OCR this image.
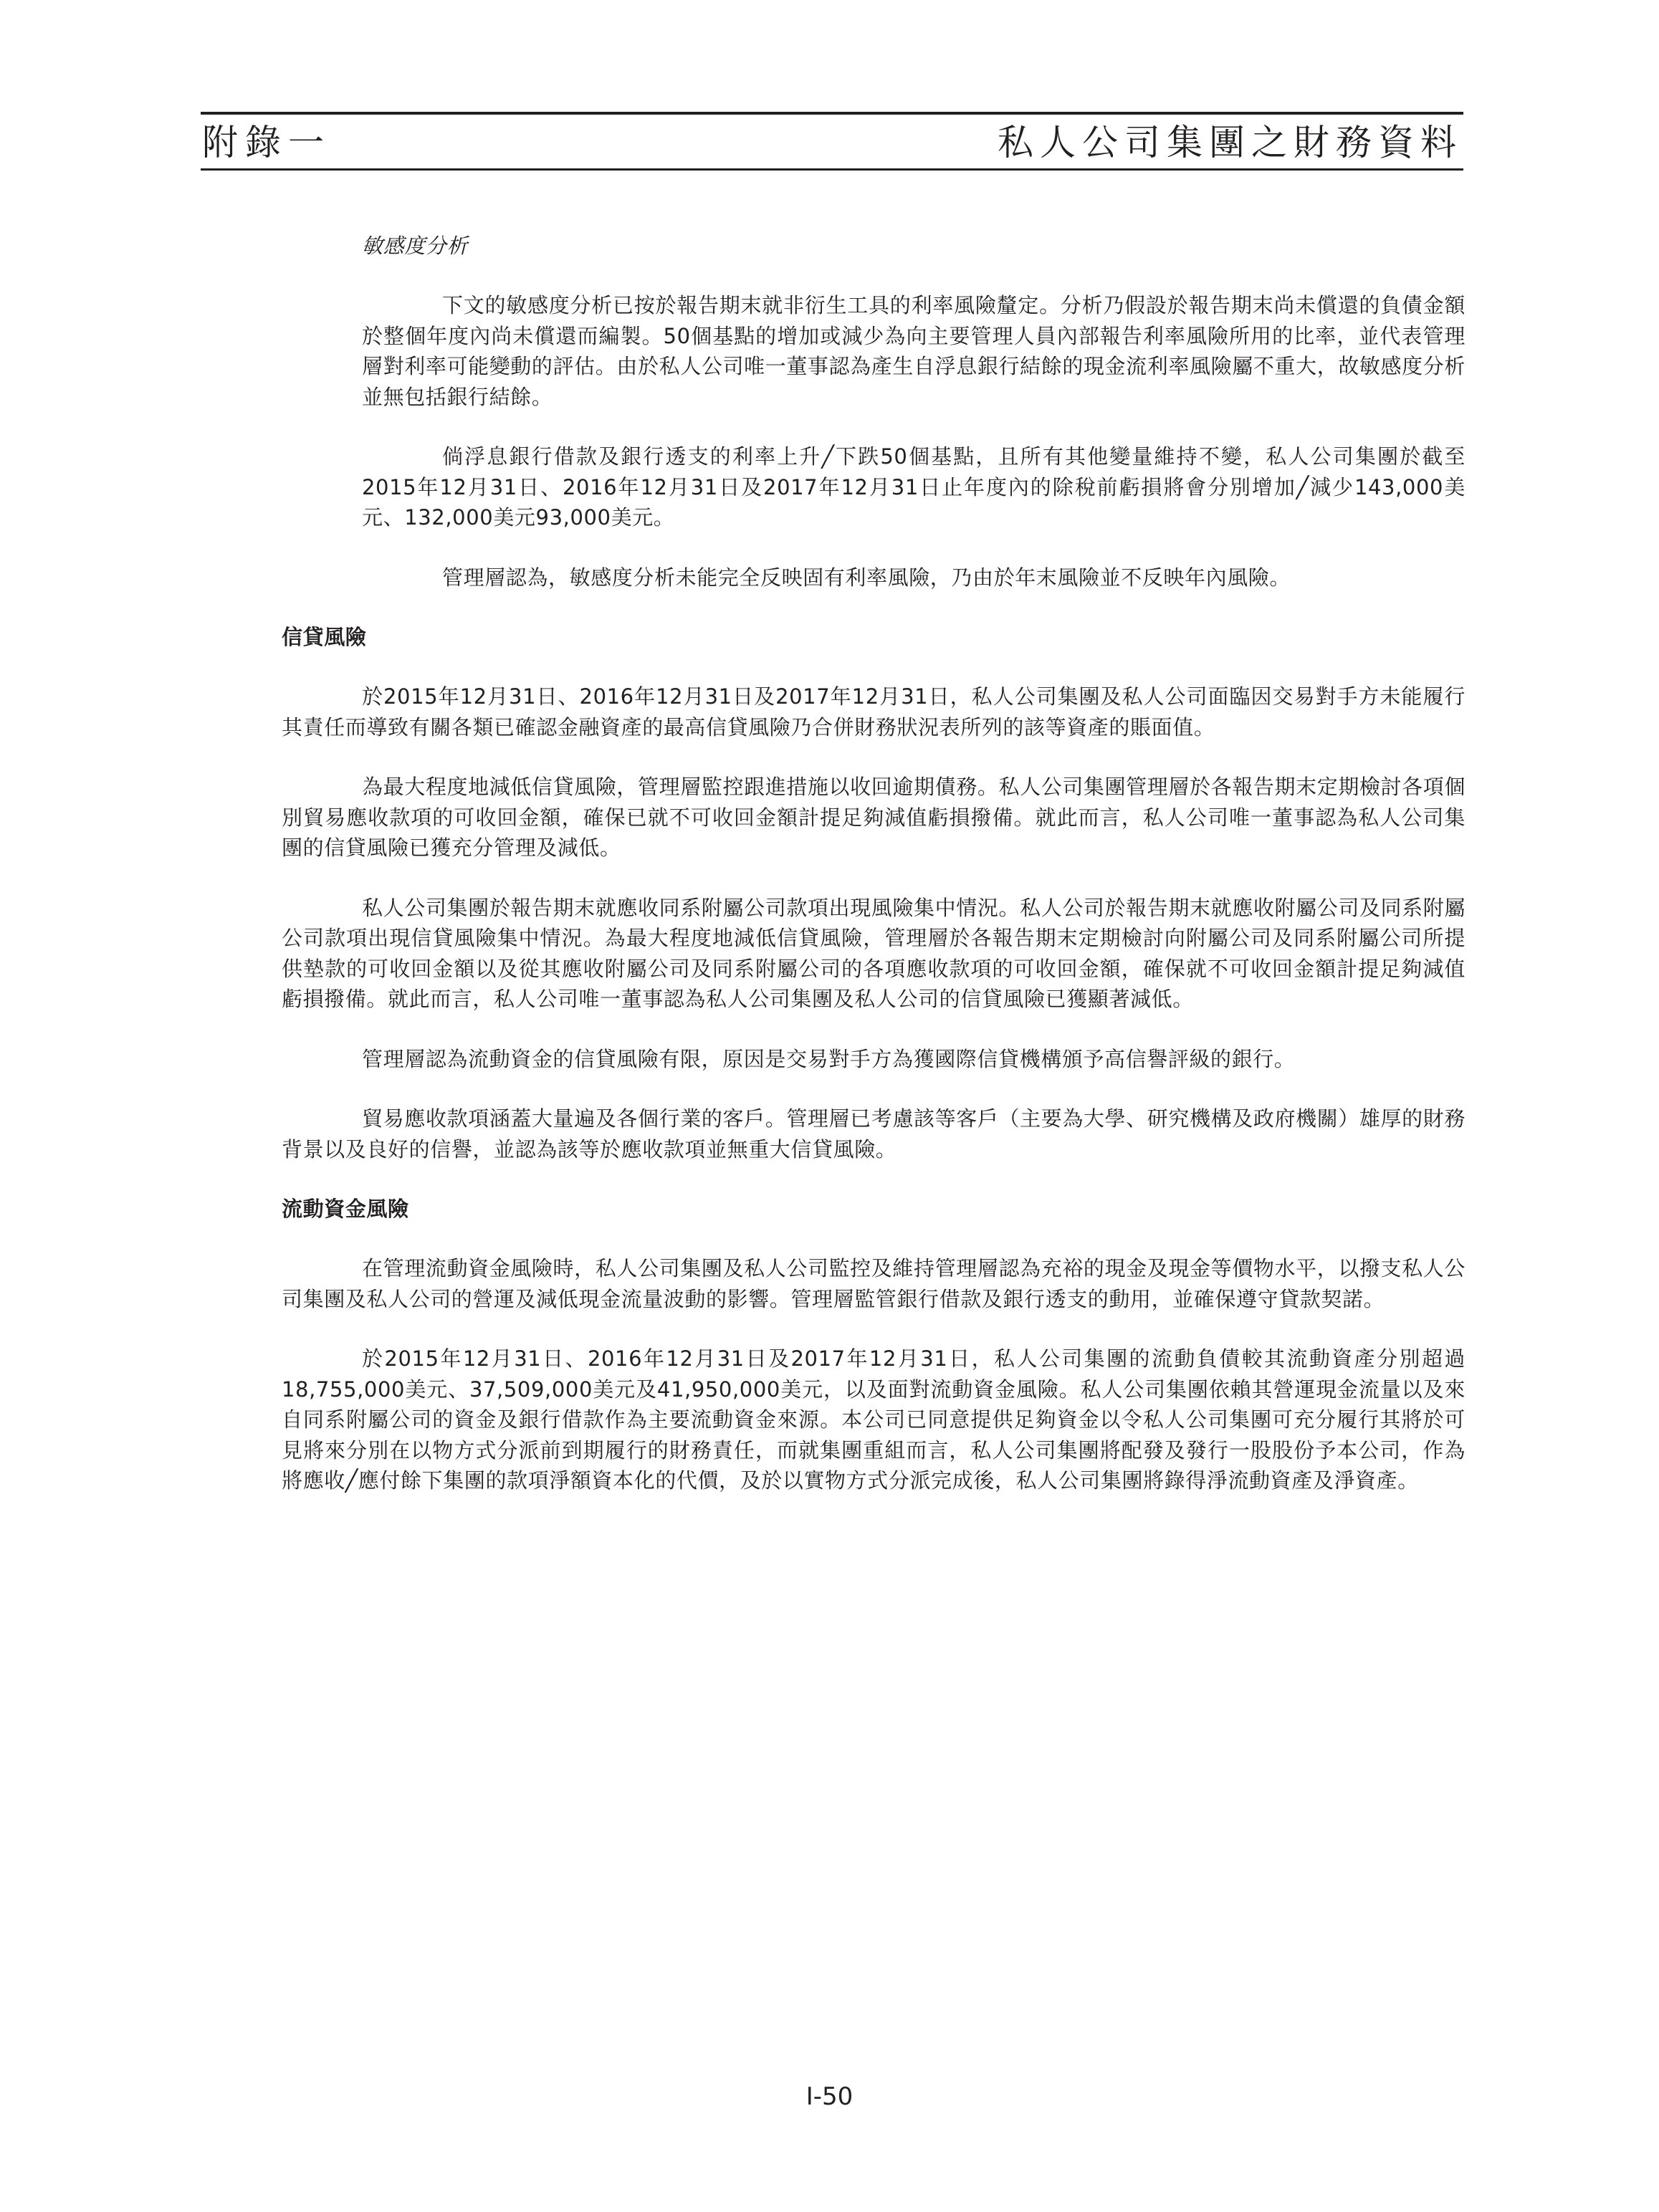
附錄一	私人公司集團之財務資料

敏感度分析

下文的敏感度分析已按於報告期末就非衍生工具的利率風險釐定。分析乃假設於報告期末尚未償還的負債金額於整個年度內尚未償還而編製。50個基點的增加或減少為向主要管理人員內部報告利率風險所用的比率，並代表管理層對利率可能變動的評估。由於私人公司唯一董事認為產生自浮息銀行結餘的現金流利率風險屬不重大，故敏感度分析並無包括銀行結餘。

倘浮息銀行借款及銀行透支的利率上升╱下跌50個基點，且所有其他變量維持不變，私人公司集團於截至2015年12月31日、2016年12月31日及2017年12月31日止年度內的除稅前虧損將會分別增加╱減少143,000美元、132,000美元93,000美元。

管理層認為，敏感度分析未能完全反映固有利率風險，乃由於年末風險並不反映年內風險。

信貸風險

於2015年12月31日、2016年12月31日及2017年12月31日，私人公司集團及私人公司面臨因交易對手方未能履行其責任而導致有關各類已確認金融資產的最高信貸風險乃合併財務狀況表所列的該等資產的賬面值。

為最大程度地減低信貸風險，管理層監控跟進措施以收回逾期債務。私人公司集團管理層於各報告期末定期檢討各項個別貿易應收款項的可收回金額，確保已就不可收回金額計提足夠減值虧損撥備。就此而言，私人公司唯一董事認為私人公司集團的信貸風險已獲充分管理及減低。

私人公司集團於報告期末就應收同系附屬公司款項出現風險集中情況。私人公司於報告期末就應收附屬公司及同系附屬公司款項出現信貸風險集中情況。為最大程度地減低信貸風險，管理層於各報告期末定期檢討向附屬公司及同系附屬公司所提供墊款的可收回金額以及從其應收附屬公司及同系附屬公司的各項應收款項的可收回金額，確保就不可收回金額計提足夠減值虧損撥備。就此而言，私人公司唯一董事認為私人公司集團及私人公司的信貸風險已獲顯著減低。

管理層認為流動資金的信貸風險有限，原因是交易對手方為獲國際信貸機構頒予高信譽評級的銀行。

貿易應收款項涵蓋大量遍及各個行業的客戶。管理層已考慮該等客戶（主要為大學、研究機構及政府機關）雄厚的財務背景以及良好的信譽，並認為該等於應收款項並無重大信貸風險。

流動資金風險

在管理流動資金風險時，私人公司集團及私人公司監控及維持管理層認為充裕的現金及現金等價物水平，以撥支私人公司集團及私人公司的營運及減低現金流量波動的影響。管理層監管銀行借款及銀行透支的動用，並確保遵守貸款契諾。

於2015年12月31日、2016年12月31日及2017年12月31日，私人公司集團的流動負債較其流動資產分別超過18,755,000美元、37,509,000美元及41,950,000美元，以及面對流動資金風險。私人公司集團依賴其營運現金流量以及來自同系附屬公司的資金及銀行借款作為主要流動資金來源。本公司已同意提供足夠資金以令私人公司集團可充分履行其將於可見將來分別在以物方式分派前到期履行的財務責任，而就集團重組而言，私人公司集團將配發及發行一股股份予本公司，作為將應收╱應付餘下集團的款項淨額資本化的代價，及於以實物方式分派完成後，私人公司集團將錄得淨流動資產及淨資產。

I-50
